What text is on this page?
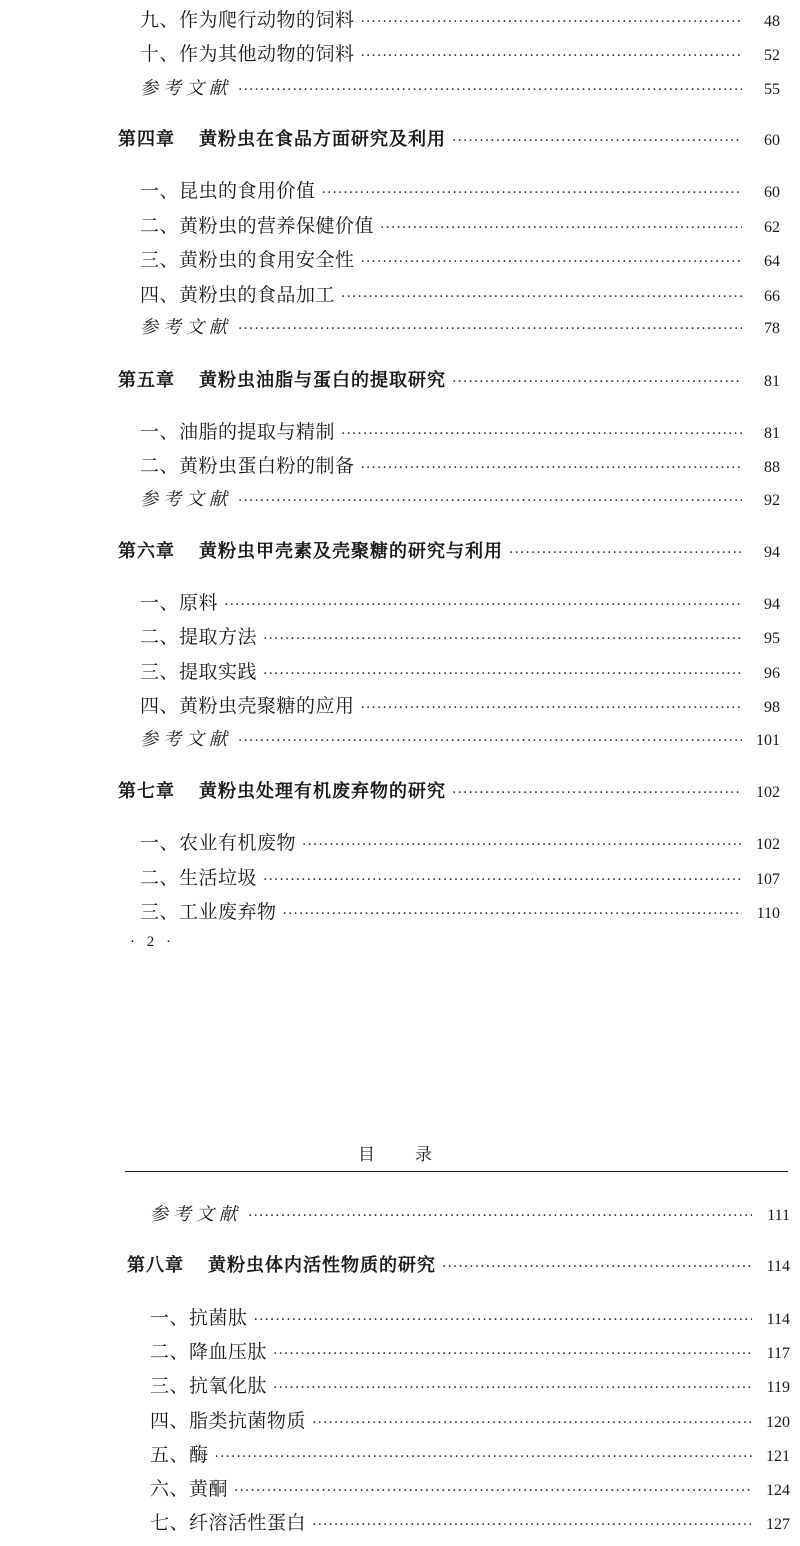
九、作为爬行动物的饲料 ·····	48
十、作为其他动物的饲料 ·····	52
参考文献 ·····	55
第四章 黄粉虫在食品方面研究及利用 ·····	60
一、昆虫的食用价值 ·····	60
二、黄粉虫的营养保健价值 ·····	62
三、黄粉虫的食用安全性 ·····	64
四、黄粉虫的食品加工 ·····	66
参考文献 ·····	78
第五章 黄粉虫油脂与蛋白的提取研究 ·····	81
一、油脂的提取与精制 ·····	81
二、黄粉虫蛋白粉的制备 ·····	88
参考文献 ·····	92
第六章 黄粉虫甲壳素及壳聚糖的研究与利用 ·····	94
一、原料 ·····	94
二、提取方法 ·····	95
三、提取实践 ·····	96
四、黄粉虫壳聚糖的应用 ·····	98
参考文献 ·····	101
第七章 黄粉虫处理有机废弃物的研究 ·····	102
一、农业有机废物 ·····	102
二、生活垃圾 ·····	107
三、工业废弃物 ·····	110
· 2 ·
目录
参考文献 ·····	111
第八章 黄粉虫体内活性物质的研究 ·····	114
一、抗菌肽 ·····	114
二、降血压肽 ·····	117
三、抗氧化肽 ·····	119
四、脂类抗菌物质 ·····	120
五、酶 ·····	121
六、黄酮 ·····	124
七、纤溶活性蛋白 ·····	127
